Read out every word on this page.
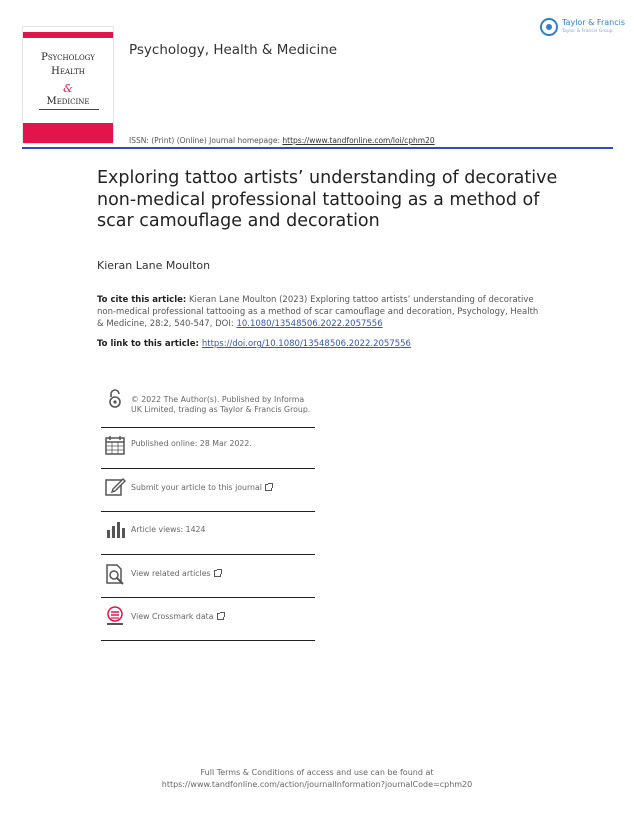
Psychology
Health
&
Medicine
Psychology, Health & Medicine
Taylor & Francis
Taylor & Francis Group
ISSN: (Print) (Online) Journal homepage: https://www.tandfonline.com/loi/cphm20
Exploring tattoo artists’ understanding of decorative non-medical professional tattooing as a method of scar camouflage and decoration
Kieran Lane Moulton
To cite this article: Kieran Lane Moulton (2023) Exploring tattoo artists’ understanding of decorative non-medical professional tattooing as a method of scar camouflage and decoration, Psychology, Health & Medicine, 28:2, 540-547, DOI: 10.1080/13548506.2022.2057556
To link to this article: https://doi.org/10.1080/13548506.2022.2057556
© 2022 The Author(s). Published by Informa UK Limited, trading as Taylor & Francis Group.
Published online: 28 Mar 2022.
Submit your article to this journal
Article views: 1424
View related articles
View Crossmark data
Full Terms & Conditions of access and use can be found at
https://www.tandfonline.com/action/journalInformation?journalCode=cphm20
